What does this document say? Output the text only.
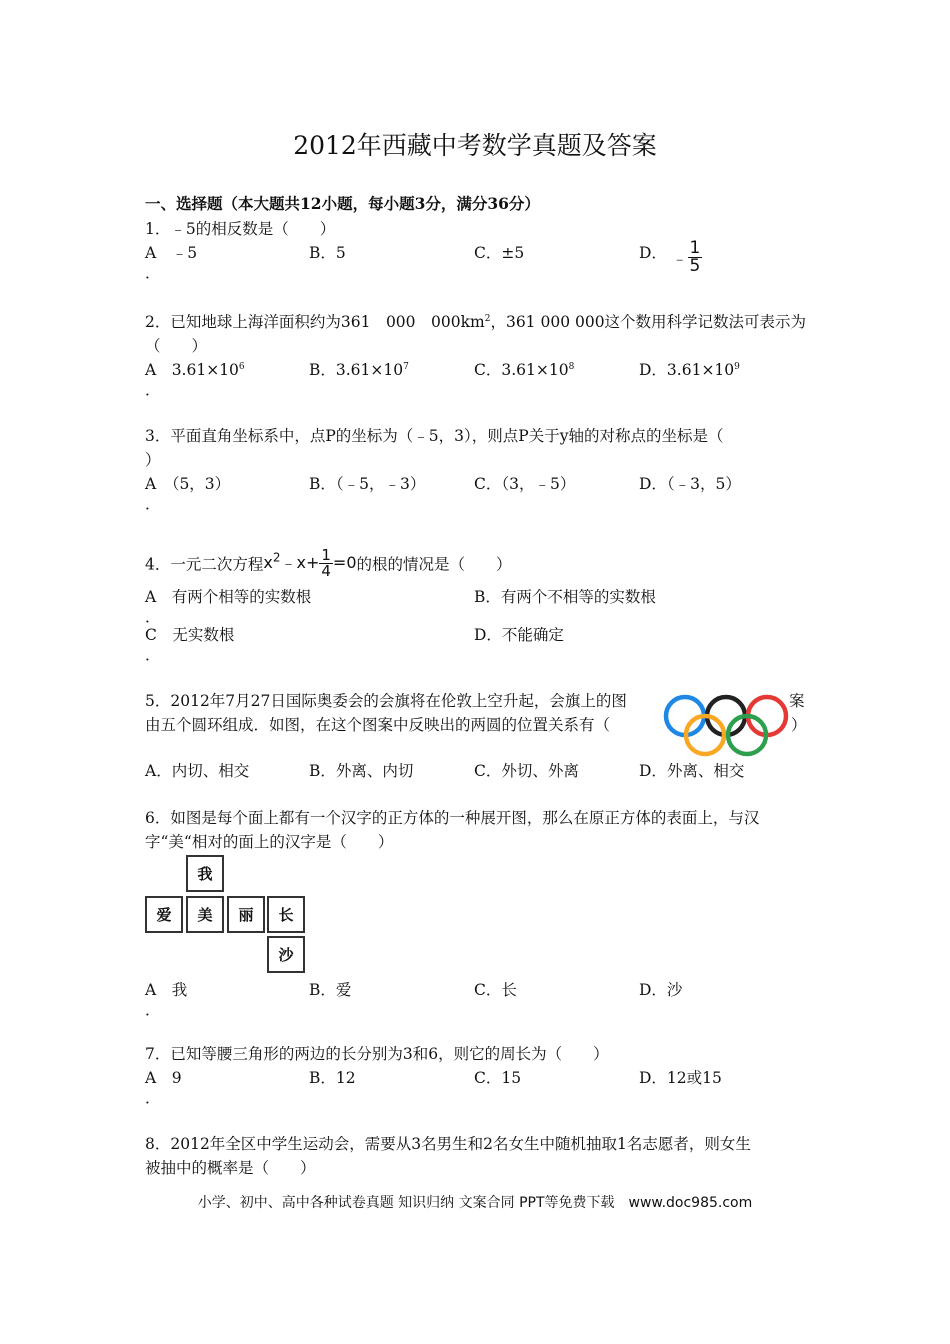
2012年西藏中考数学真题及答案
一、选择题（本大题共12小题，每小题3分，满分36分）
1．﹣5的相反数是（　　）
A　﹣5
．
B．5	C．±5	D． ﹣ $\frac{1}{5}$
2．已知地球上海洋面积约为361　000　$000km^2$，361 000 000这个数用科学记数法可表示为
（　　）
A　$3.61\times 10^6$
．
B．$3.61\times 10^7$	C．$3.61\times 10^8$	D．$3.61\times 10^9$
3．平面直角坐标系中，点P的坐标为（﹣5，3），则点P关于y轴的对称点的坐标是（
）
A　（5，3）
．
B．（﹣5，﹣3）	C．（3，﹣5）	D．（﹣3，5）
4．一元二次方程$x^2﹣x+ \frac{1}{4} =0$的根的情况是（　　）
A　有两个相等的实数根
．
B．有两个不相等的实数根
C　无实数根
．
D．不能确定
5．2012年7月27日国际奥委会的会旗将在伦敦上空升起，会旗上的图	案
由五个圆环组成．如图，在这个图案中反映出的两圆的位置关系有（	）
A．内切、相交	B．外离、内切	C．外切、外离	D．外离、相交
6．如图是每个面上都有一个汉字的正方体的一种展开图，那么在原正方体的表面上，与汉
字“美“相对的面上的汉字是（　　）
我
爱	美	丽	长
沙
A　我
．
B．爱	C．长	D．沙
7．已知等腰三角形的两边的长分别为3和6，则它的周长为（　　）
A　9
．
B．12	C．15	D．12或15
8．2012年全区中学生运动会，需要从3名男生和2名女生中随机抽取1名志愿者，则女生
被抽中的概率是（　　）
小学、初中、高中各种试卷真题 知识归纳 文案合同 PPT等免费下载　www.doc985.com
